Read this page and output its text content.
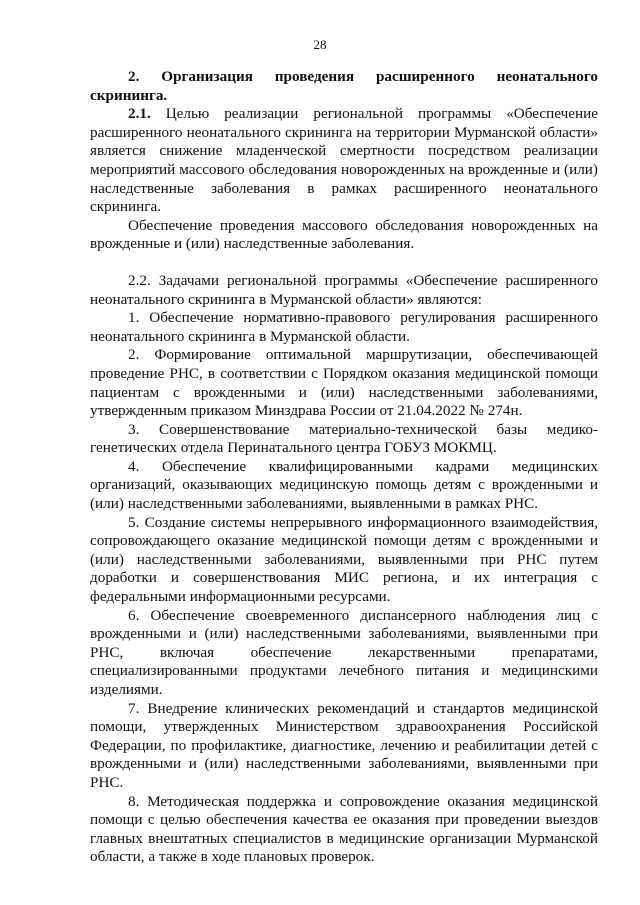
28

2. Организация проведения расширенного неонатального скрининга.

2.1. Целью реализации региональной программы «Обеспечение расширенного неонатального скрининга на территории Мурманской области» является снижение младенческой смертности посредством реализации мероприятий массового обследования новорожденных на врожденные и (или) наследственные заболевания в рамках расширенного неонатального скрининга.

Обеспечение проведения массового обследования новорожденных на врожденные и (или) наследственные заболевания.

2.2. Задачами региональной программы «Обеспечение расширенного неонатального скрининга в Мурманской области» являются:

1. Обеспечение нормативно-правового регулирования расширенного неонатального скрининга в Мурманской области.

2. Формирование оптимальной маршрутизации, обеспечивающей проведение РНС, в соответствии с Порядком оказания медицинской помощи пациентам с врожденными и (или) наследственными заболеваниями, утвержденным приказом Минздрава России от 21.04.2022 № 274н.

3. Совершенствование материально-технической базы медико-генетических отдела Перинатального центра ГОБУЗ МОКМЦ.

4. Обеспечение квалифицированными кадрами медицинских организаций, оказывающих медицинскую помощь детям с врожденными и (или) наследственными заболеваниями, выявленными в рамках РНС.

5. Создание системы непрерывного информационного взаимодействия, сопровождающего оказание медицинской помощи детям с врожденными и (или) наследственными заболеваниями, выявленными при РНС путем доработки и совершенствования МИС региона, и их интеграция с федеральными информационными ресурсами.

6. Обеспечение своевременного диспансерного наблюдения лиц с врожденными и (или) наследственными заболеваниями, выявленными при РНС, включая обеспечение лекарственными препаратами, специализированными продуктами лечебного питания и медицинскими изделиями.

7. Внедрение клинических рекомендаций и стандартов медицинской помощи, утвержденных Министерством здравоохранения Российской Федерации, по профилактике, диагностике, лечению и реабилитации детей с врожденными и (или) наследственными заболеваниями, выявленными при РНС.

8. Методическая поддержка и сопровождение оказания медицинской помощи с целью обеспечения качества ее оказания при проведении выездов главных внештатных специалистов в медицинские организации Мурманской области, а также в ходе плановых проверок.
